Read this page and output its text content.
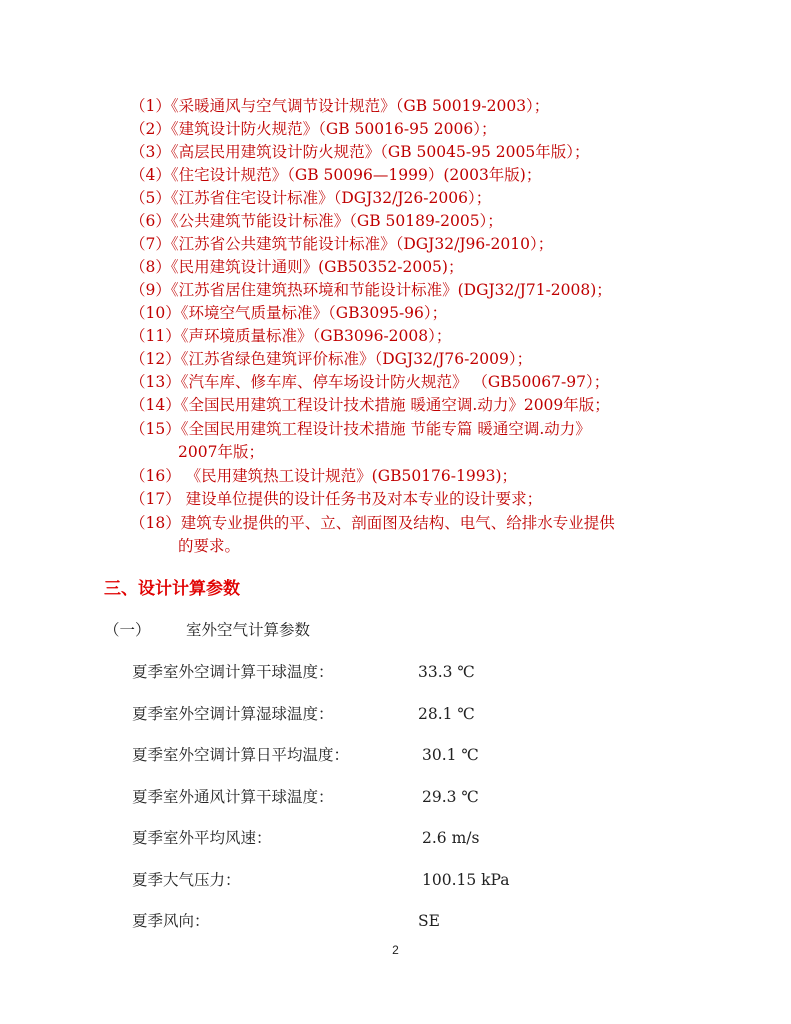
（1）《采暖通风与空气调节设计规范》（GB 50019-2003）；
（2）《建筑设计防火规范》（GB 50016-95 2006）；
（3）《高层民用建筑设计防火规范》（GB 50045-95 2005年版）；
（4）《住宅设计规范》（GB 50096—1999）(2003年版)；
（5）《江苏省住宅设计标准》（DGJ32/J26-2006）；
（6）《公共建筑节能设计标准》（GB 50189-2005）；
（7）《江苏省公共建筑节能设计标准》（DGJ32/J96-2010）；
（8）《民用建筑设计通则》(GB50352-2005)；
（9）《江苏省居住建筑热环境和节能设计标准》(DGJ32/J71-2008)；
（10）《环境空气质量标准》（GB3095-96）；
（11）《声环境质量标准》（GB3096-2008）；
（12）《江苏省绿色建筑评价标准》（DGJ32/J76-2009）；
（13）《汽车库、修车库、停车场设计防火规范》 （GB50067-97）；
（14）《全国民用建筑工程设计技术措施 暖通空调.动力》2009年版；
（15）《全国民用建筑工程设计技术措施 节能专篇 暖通空调.动力》
2007年版；
（16） 《民用建筑热工设计规范》(GB50176-1993)；
（17） 建设单位提供的设计任务书及对本专业的设计要求；
（18）建筑专业提供的平、立、剖面图及结构、电气、给排水专业提供
的要求。
三、设计计算参数
（一） 室外空气计算参数
夏季室外空调计算干球温度：	33.3 ℃
夏季室外空调计算湿球温度：	28.1 ℃
夏季室外空调计算日平均温度：	30.1 ℃
夏季室外通风计算干球温度：	29.3 ℃
夏季室外平均风速：	2.6 m/s
夏季大气压力：	100.15 kPa
夏季风向：	SE
2
